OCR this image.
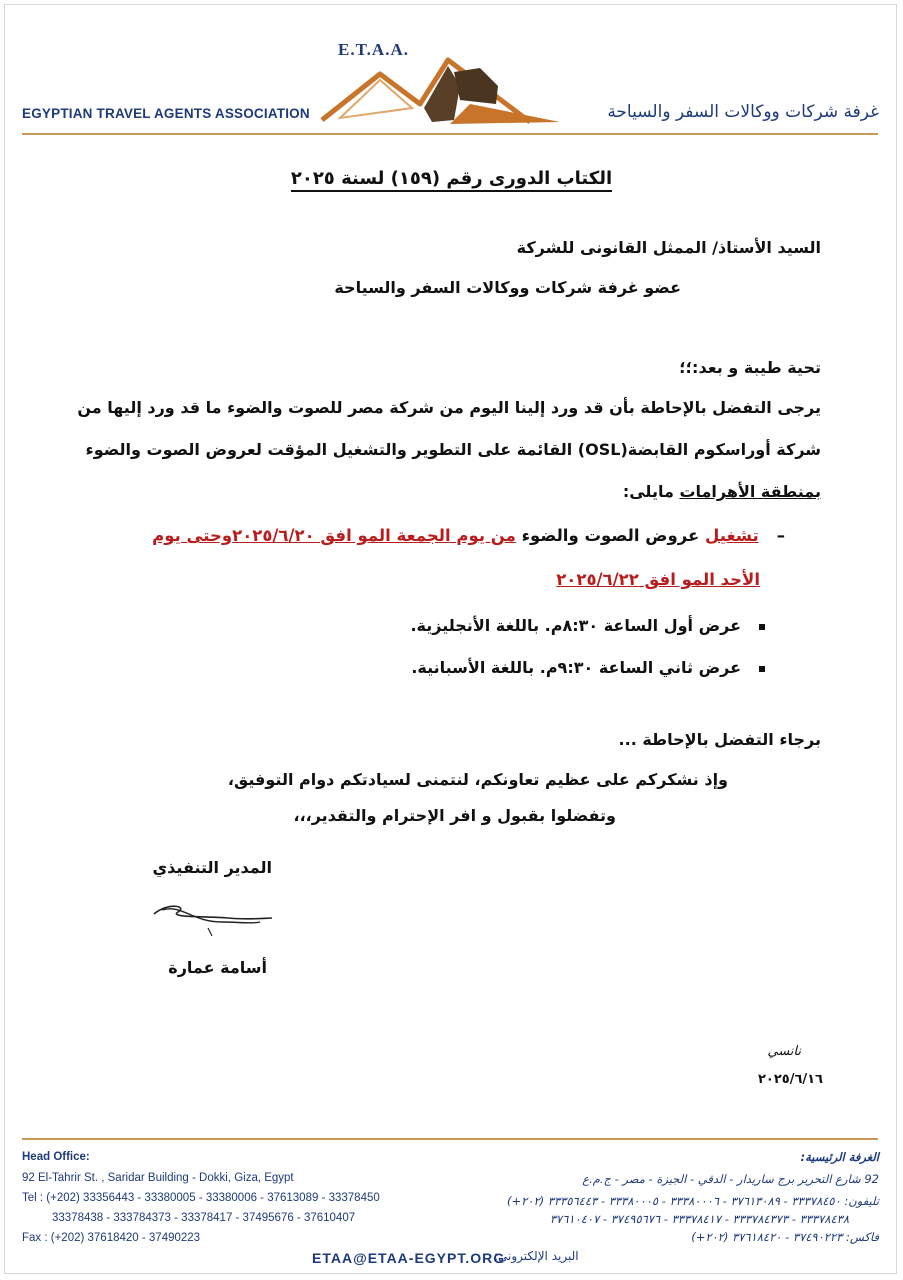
E.T.A.A.
EGYPTIAN TRAVEL AGENTS ASSOCIATION	غرفة شركات ووكالات السفر والسياحة
الكتاب الدورى رقم (١٥٩) لسنة ٢٠٢٥
السيد الأستاذ/ الممثل القانونى للشركة
عضو غرفة شركات ووكالات السفر والسياحة
تحية طيبة و بعد:؛؛
يرجى التفضل بالإحاطة بأن قد ورد إلينا اليوم من شركة مصر للصوت والضوء ما قد ورد إليها من
شركة أوراسكوم القابضة(OSL) القائمة على التطوير والتشغيل المؤقت لعروض الصوت والضوء
بمنطقة الأهرامات مايلى:
–تشغيل عروض الصوت والضوء من يوم الجمعة المو افق ٢٠٢٥/٦/٢٠وحتى يوم
الأحد المو افق ٢٠٢٥/٦/٢٢
عرض أول الساعة ٨:٣٠م. باللغة الأنجليزية.
عرض ثاني الساعة ٩:٣٠م. باللغة الأسبانية.
برجاء التفضل بالإحاطة ...
وإذ نشكركم على عظيم تعاونكم، لنتمنى لسيادتكم دوام التوفيق،
وتفضلوا بقبول و افر الإحترام والتقدير،،،
المدير التنفيذي
أسامة عمارة
نانسي
٢٠٢٥/٦/١٦
Head Office:
92 El-Tahrir St. , Saridar Building - Dokki, Giza, Egypt
Tel : (+202) 33356443 - 33380005 - 33380006 - 37613089 - 33378450
33378438 - 333784373 - 33378417 - 37495676 - 37610407
Fax : (+202) 37618420 - 37490223
الغرفة الرئيسية:
92 شارع التحرير برج ساريدار - الدقي - الجيزة - مصر - ج.م.ع
تليفون: ٣٣٣٧٨٤٥٠ - ٣٧٦١٣٠٨٩ - ٣٣٣٨٠٠٠٦ - ٣٣٣٨٠٠٠٥ - ٣٣٣٥٦٤٤٣ (٢٠٢+)
٣٣٣٧٨٤٣٨ - ٣٣٣٧٨٤٣٧٣ - ٣٣٣٧٨٤١٧ - ٣٧٤٩٥٦٧٦ - ٣٧٦١٠٤٠٧
فاكس: ٣٧٤٩٠٢٢٣ - ٣٧٦١٨٤٢٠ (٢٠٢+)
ETAA@ETAA-EGYPT.ORG
البريد الإلكتروني:
